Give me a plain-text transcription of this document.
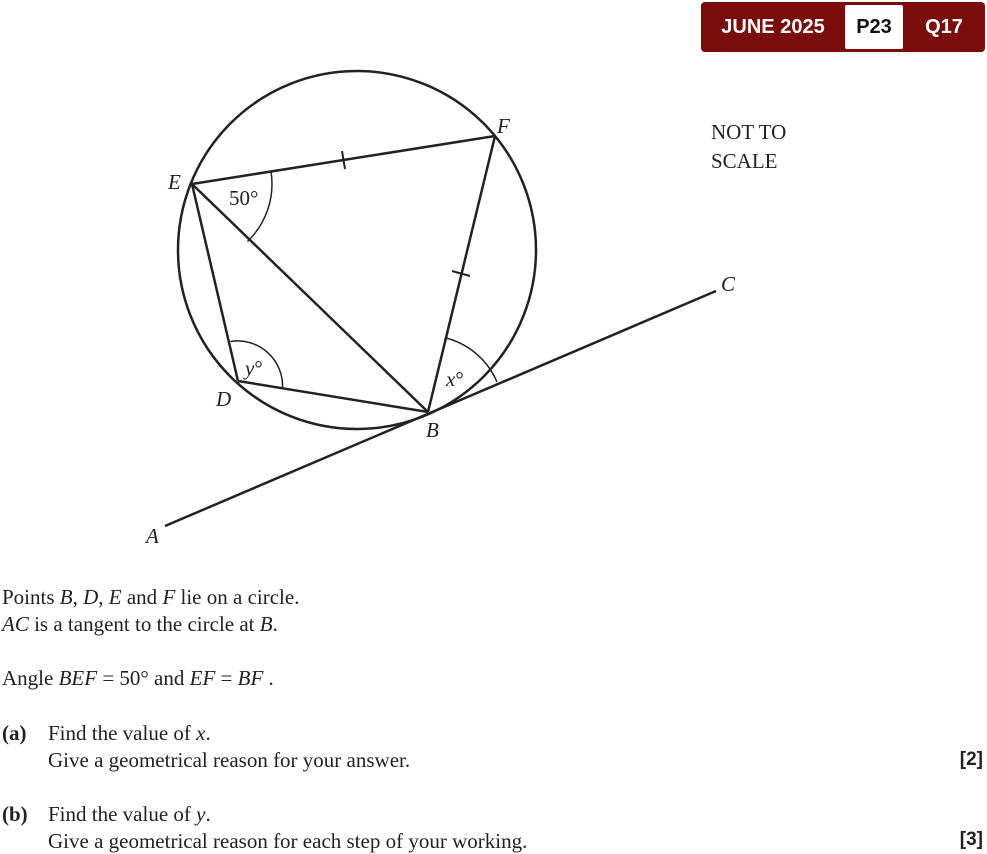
JUNE 2025	P23	Q17
E
F
D
B
A
C
50°
y°	x°
NOT TO
SCALE
Points B, D, E and F lie on a circle.
AC is a tangent to the circle at B.
Angle BEF = 50° and EF = BF .
(a) Find the value of x.
Give a geometrical reason for your answer.	[2]
(b) Find the value of y.
Give a geometrical reason for each step of your working.	[3]
